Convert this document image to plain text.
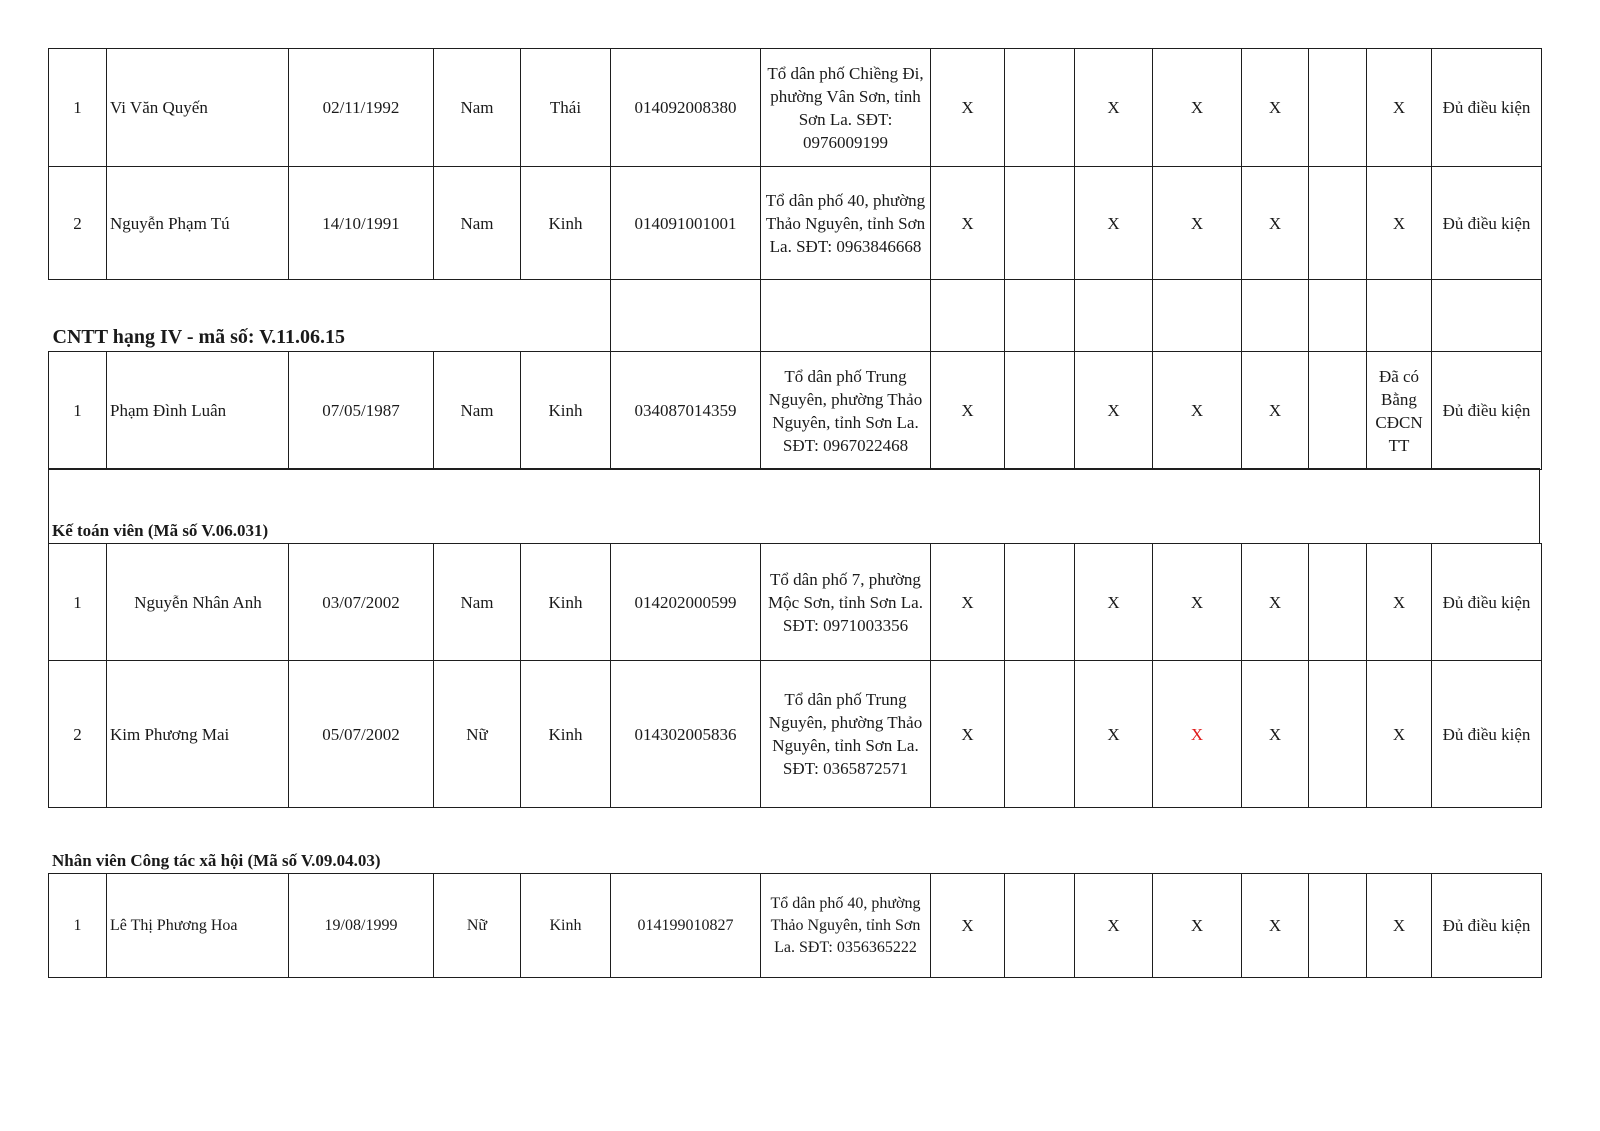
1	Vi Văn Quyến	02/11/1992	Nam	Thái	014092008380	Tổ dân phố Chiềng Đi, phường Vân Sơn, tỉnh Sơn La. SĐT: 0976009199	X		X	X	X		X	Đủ điều kiện
2	Nguyễn Phạm Tú	14/10/1991	Nam	Kinh	014091001001	Tổ dân phố 40, phường Thảo Nguyên, tỉnh Sơn La. SĐT: 0963846668	X		X	X	X		X	Đủ điều kiện
CNTT hạng IV - mã số: V.11.06.15														
1	Phạm Đình Luân	07/05/1987	Nam	Kinh	034087014359	Tổ dân phố Trung Nguyên, phường Thảo Nguyên, tỉnh Sơn La. SĐT: 0967022468	X		X	X	X		Đã có Bằng CĐCN TT	Đủ điều kiện
Kế toán viên (Mã số V.06.031)
1	Nguyễn Nhân Anh	03/07/2002	Nam	Kinh	014202000599	Tổ dân phố 7, phường Mộc Sơn, tỉnh Sơn La. SĐT: 0971003356	X		X	X	X		X	Đủ điều kiện
2	Kim Phương Mai	05/07/2002	Nữ	Kinh	014302005836	Tổ dân phố Trung Nguyên, phường Thảo Nguyên, tỉnh Sơn La. SĐT: 0365872571	X		X	X	X		X	Đủ điều kiện
Nhân viên Công tác xã hội (Mã số V.09.04.03)
1	Lê Thị Phương Hoa	19/08/1999	Nữ	Kinh	014199010827	Tổ dân phố 40, phường Thảo Nguyên, tỉnh Sơn La. SĐT: 0356365222	X		X	X	X		X	Đủ điều kiện
